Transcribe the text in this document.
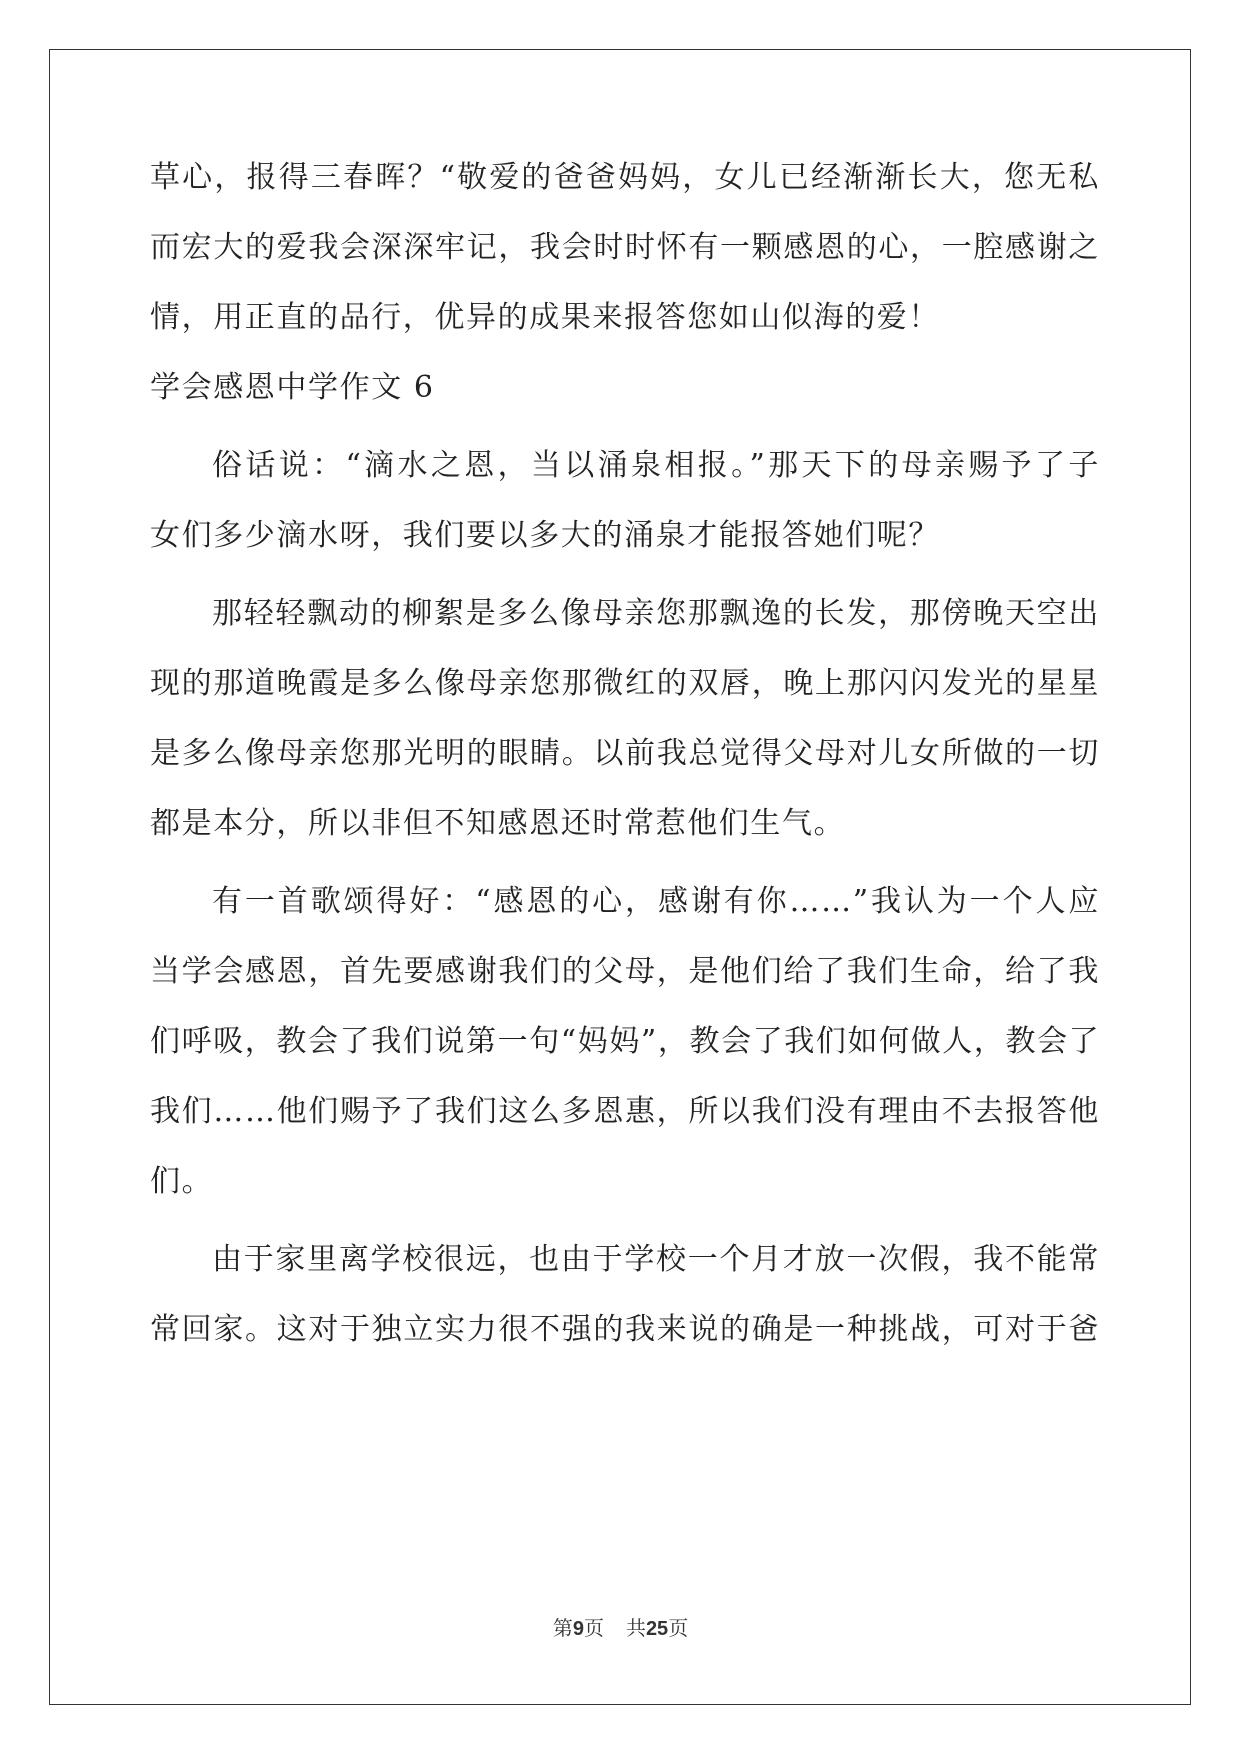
草心，报得三春晖？“敬爱的爸爸妈妈，女儿已经渐渐长大，您无私
而宏大的爱我会深深牢记，我会时时怀有一颗感恩的心，一腔感谢之
情，用正直的品行，优异的成果来报答您如山似海的爱！
学会感恩中学作文 6
俗话说：“滴水之恩，当以涌泉相报。”那天下的母亲赐予了子
女们多少滴水呀，我们要以多大的涌泉才能报答她们呢？
那轻轻飘动的柳絮是多么像母亲您那飘逸的长发，那傍晚天空出
现的那道晚霞是多么像母亲您那微红的双唇，晚上那闪闪发光的星星
是多么像母亲您那光明的眼睛。以前我总觉得父母对儿女所做的一切
都是本分，所以非但不知感恩还时常惹他们生气。
有一首歌颂得好：“感恩的心，感谢有你……”我认为一个人应
当学会感恩，首先要感谢我们的父母，是他们给了我们生命，给了我
们呼吸，教会了我们说第一句“妈妈”，教会了我们如何做人，教会了
我们……他们赐予了我们这么多恩惠，所以我们没有理由不去报答他
们。
由于家里离学校很远，也由于学校一个月才放一次假，我不能常
常回家。这对于独立实力很不强的我来说的确是一种挑战，可对于爸
第9页 共25页
